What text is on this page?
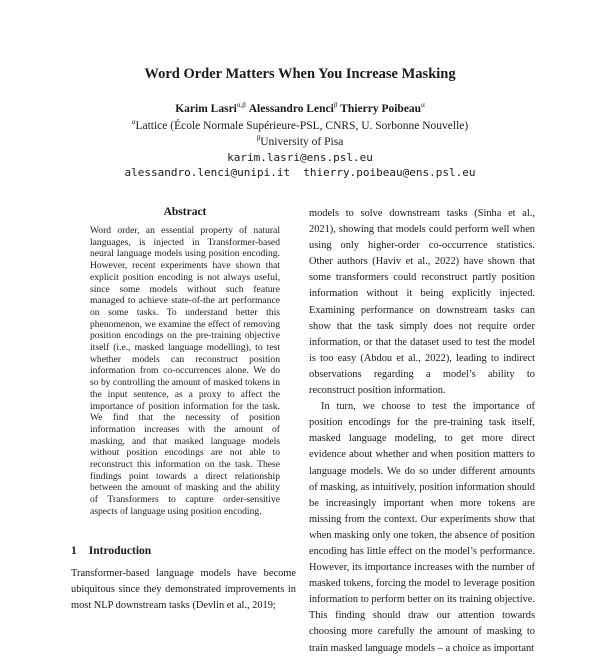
Word Order Matters When You Increase Masking
Karim Lasri$^{\alpha,\beta}$ Alessandro Lenci$^\beta$ Thierry Poibeau$^\alpha$
$^\alpha$Lattice (École Normale Supérieure-PSL, CNRS, U. Sorbonne Nouvelle)
$^\beta$University of Pisa
karim.lasri@ens.psl.eu
alessandro.lenci@unipi.it  thierry.poibeau@ens.psl.eu
Abstract
Word order, an essential property of natural languages, is injected in Transformer-based neural language models using position encoding. However, recent experiments have shown that explicit position encoding is not always useful, since some models without such feature managed to achieve state-of-the art performance on some tasks. To understand better this phenomenon, we examine the effect of removing position encodings on the pre-training objective itself (i.e., masked language modelling), to test whether models can reconstruct position information from co-occurrences alone. We do so by controlling the amount of masked tokens in the input sentence, as a proxy to affect the importance of position information for the task. We find that the necessity of position information increases with the amount of masking, and that masked language models without position encodings are not able to reconstruct this information on the task. These findings point towards a direct relationship between the amount of masking and the ability of Transformers to capture order-sensitive aspects of language using position encoding.
1 Introduction
Transformer-based language models have become ubiquitous since they demonstrated improvements in most NLP downstream tasks (Devlin et al., 2019;

models to solve downstream tasks (Sinha et al., 2021), showing that models could perform well when using only higher-order co-occurrence statistics. Other authors (Haviv et al., 2022) have shown that some transformers could reconstruct partly position information without it being explicitly injected. Examining performance on downstream tasks can show that the task simply does not require order information, or that the dataset used to test the model is too easy (Abdou et al., 2022), leading to indirect observations regarding a model’s ability to reconstruct position information.

In turn, we choose to test the importance of position encodings for the pre-training task itself, masked language modeling, to get more direct evidence about whether and when position matters to language models. We do so under different amounts of masking, as intuitively, position information should be increasingly important when more tokens are missing from the context. Our experiments show that when masking only one token, the absence of position encoding has little effect on the model’s performance. However, its importance increases with the number of masked tokens, forcing the model to leverage position information to perform better on its training objective. This finding should draw our attention towards choosing more carefully the amount of masking to train masked language models – a choice as important
